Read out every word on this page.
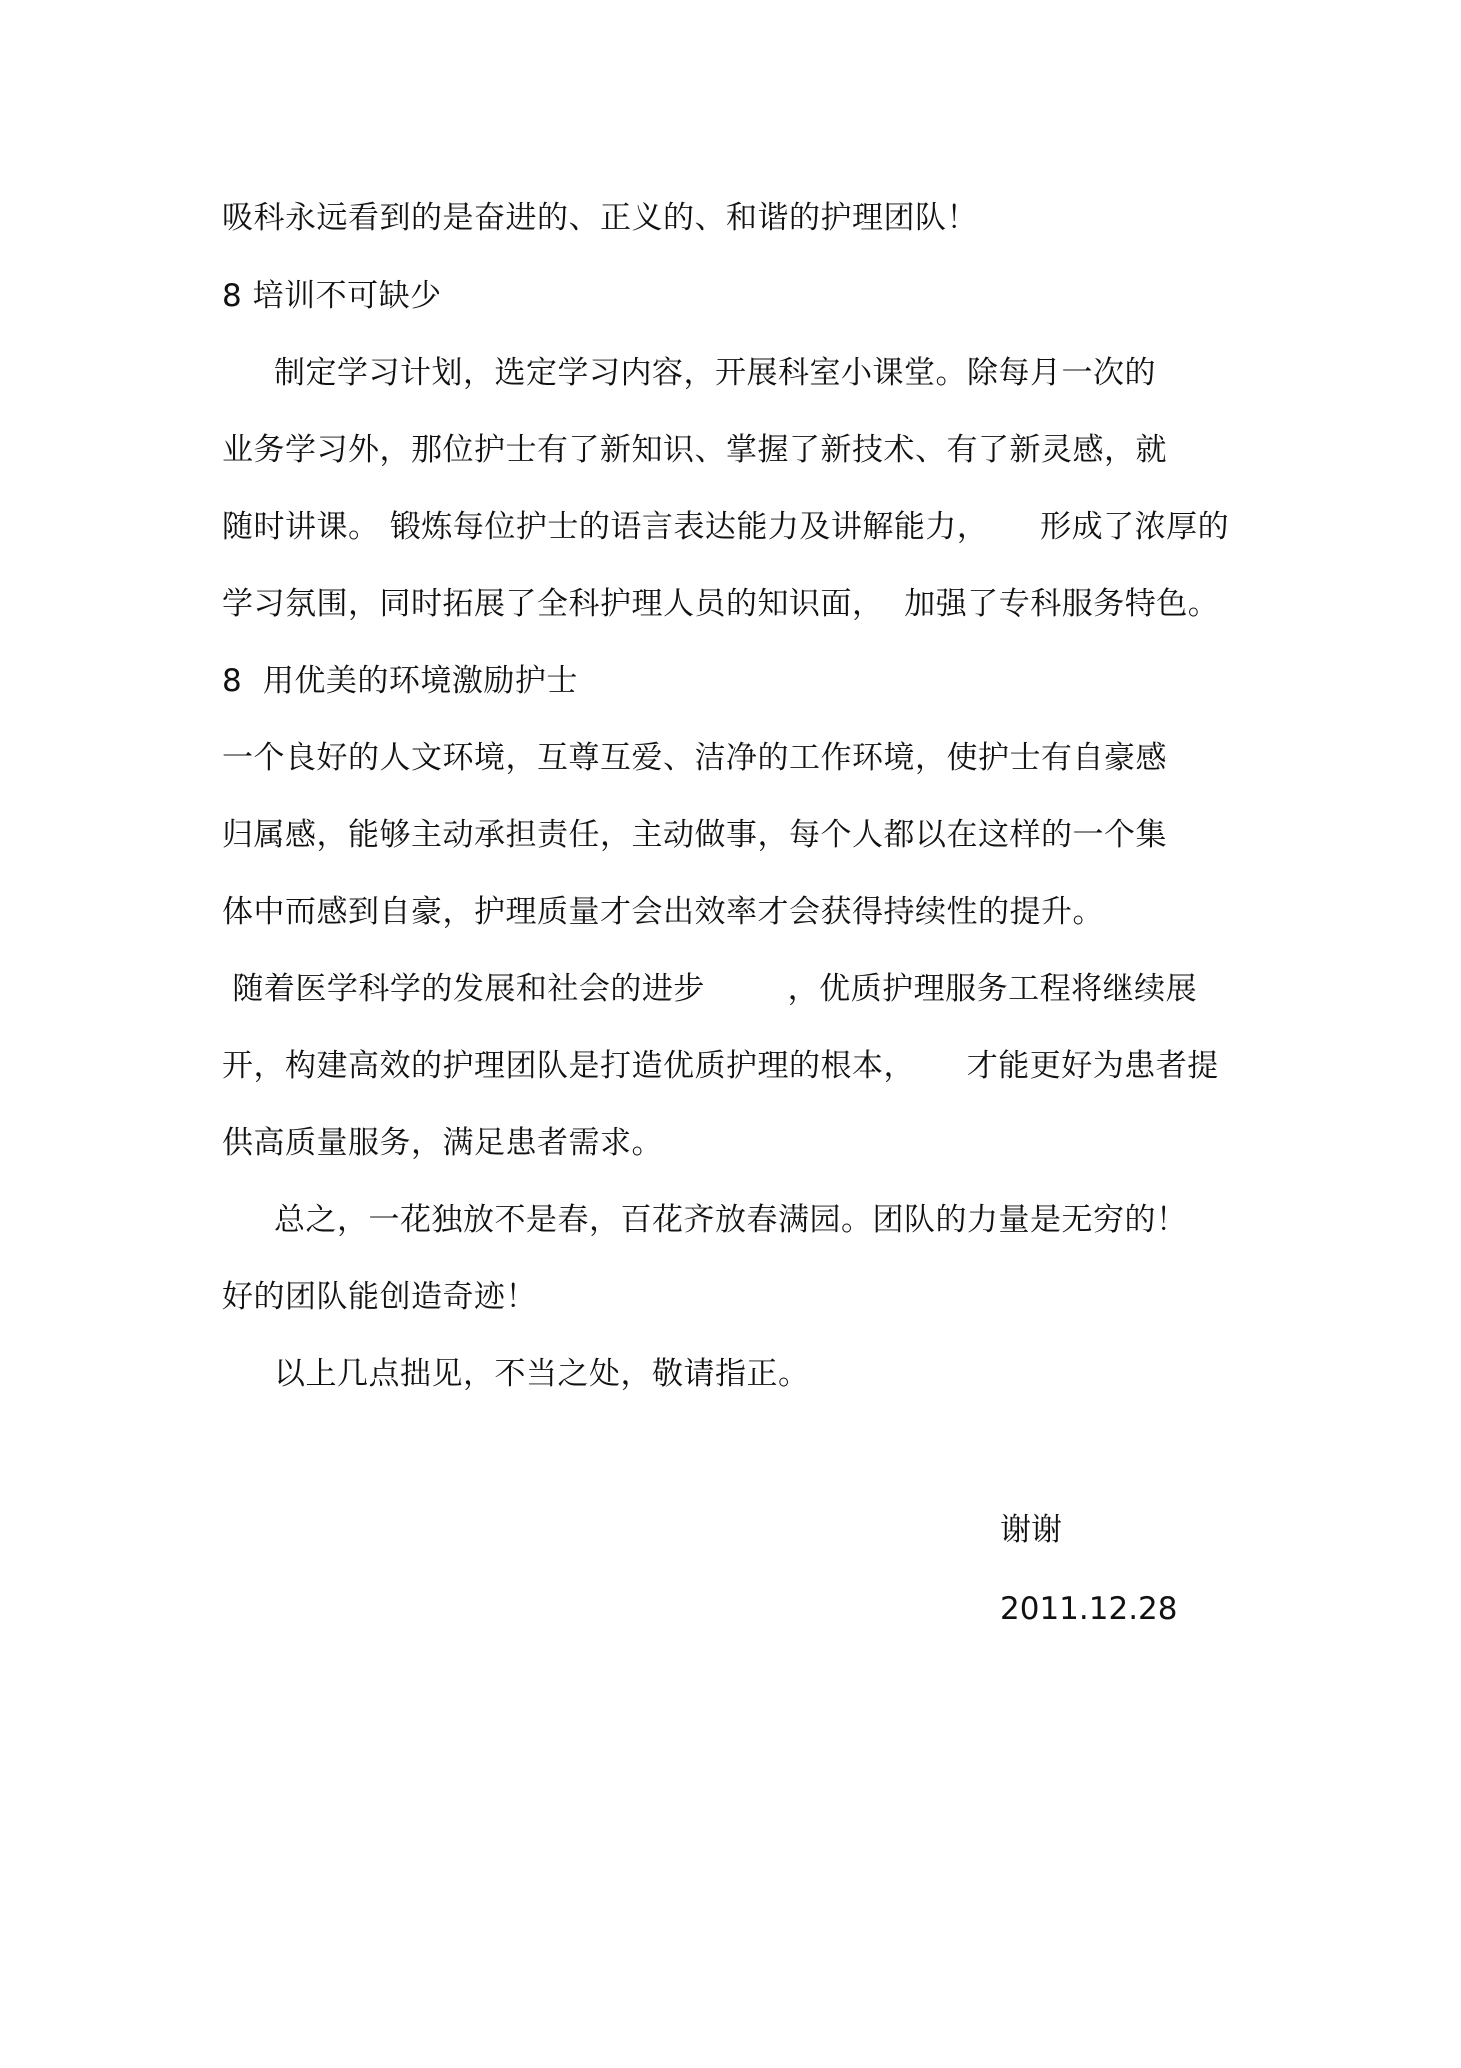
吸科永远看到的是奋进的、正义的、和谐的护理团队！
8 培训不可缺少
制定学习计划，选定学习内容，开展科室小课堂。除每月一次的
业务学习外，那位护士有了新知识、掌握了新技术、有了新灵感，就
随时讲课。 锻炼每位护士的语言表达能力及讲解能力，     形成了浓厚的
学习氛围，同时拓展了全科护理人员的知识面，  加强了专科服务特色。
8  用优美的环境激励护士
一个良好的人文环境，互尊互爱、洁净的工作环境，使护士有自豪感
归属感，能够主动承担责任，主动做事，每个人都以在这样的一个集
体中而感到自豪，护理质量才会出效率才会获得持续性的提升。
随着医学科学的发展和社会的进步        ，优质护理服务工程将继续展
开，构建高效的护理团队是打造优质护理的根本，     才能更好为患者提
供高质量服务，满足患者需求。
总之，一花独放不是春，百花齐放春满园。团队的力量是无穷的！
好的团队能创造奇迹！
以上几点拙见，不当之处，敬请指正。
谢谢
2011.12.28
